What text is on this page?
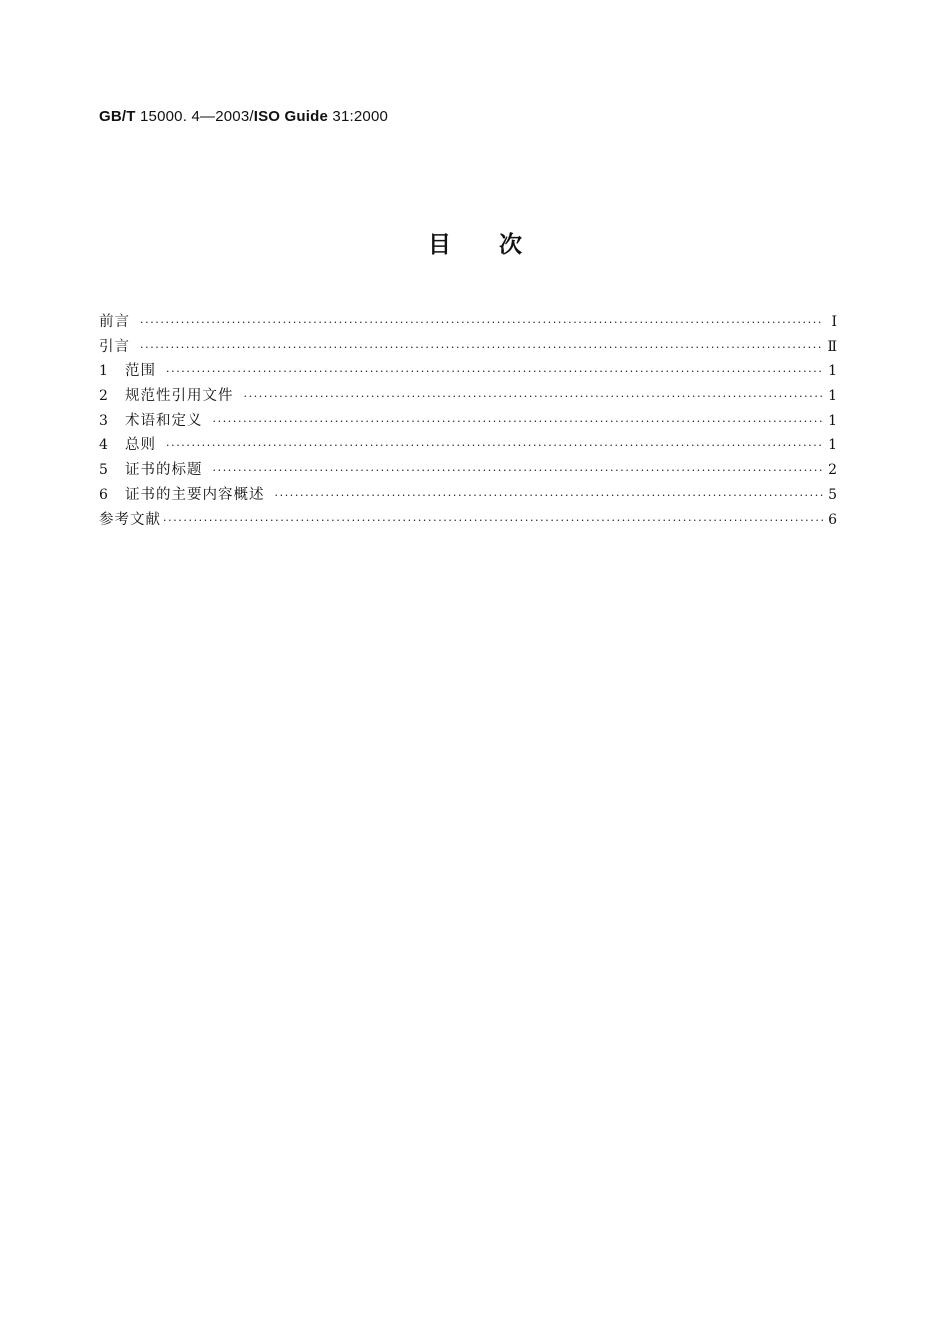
GB/T 15000. 4—2003/ISO Guide 31:2000
目次
前言 ·····	I
引言 ·····	Ⅱ
1	范围 ·····	1
2	规范性引用文件 ·····	1
3	术语和定义 ·····	1
4	总则 ·····	1
5	证书的标题 ·····	2
6	证书的主要内容概述 ·····	5
参考文献 ·····	6
